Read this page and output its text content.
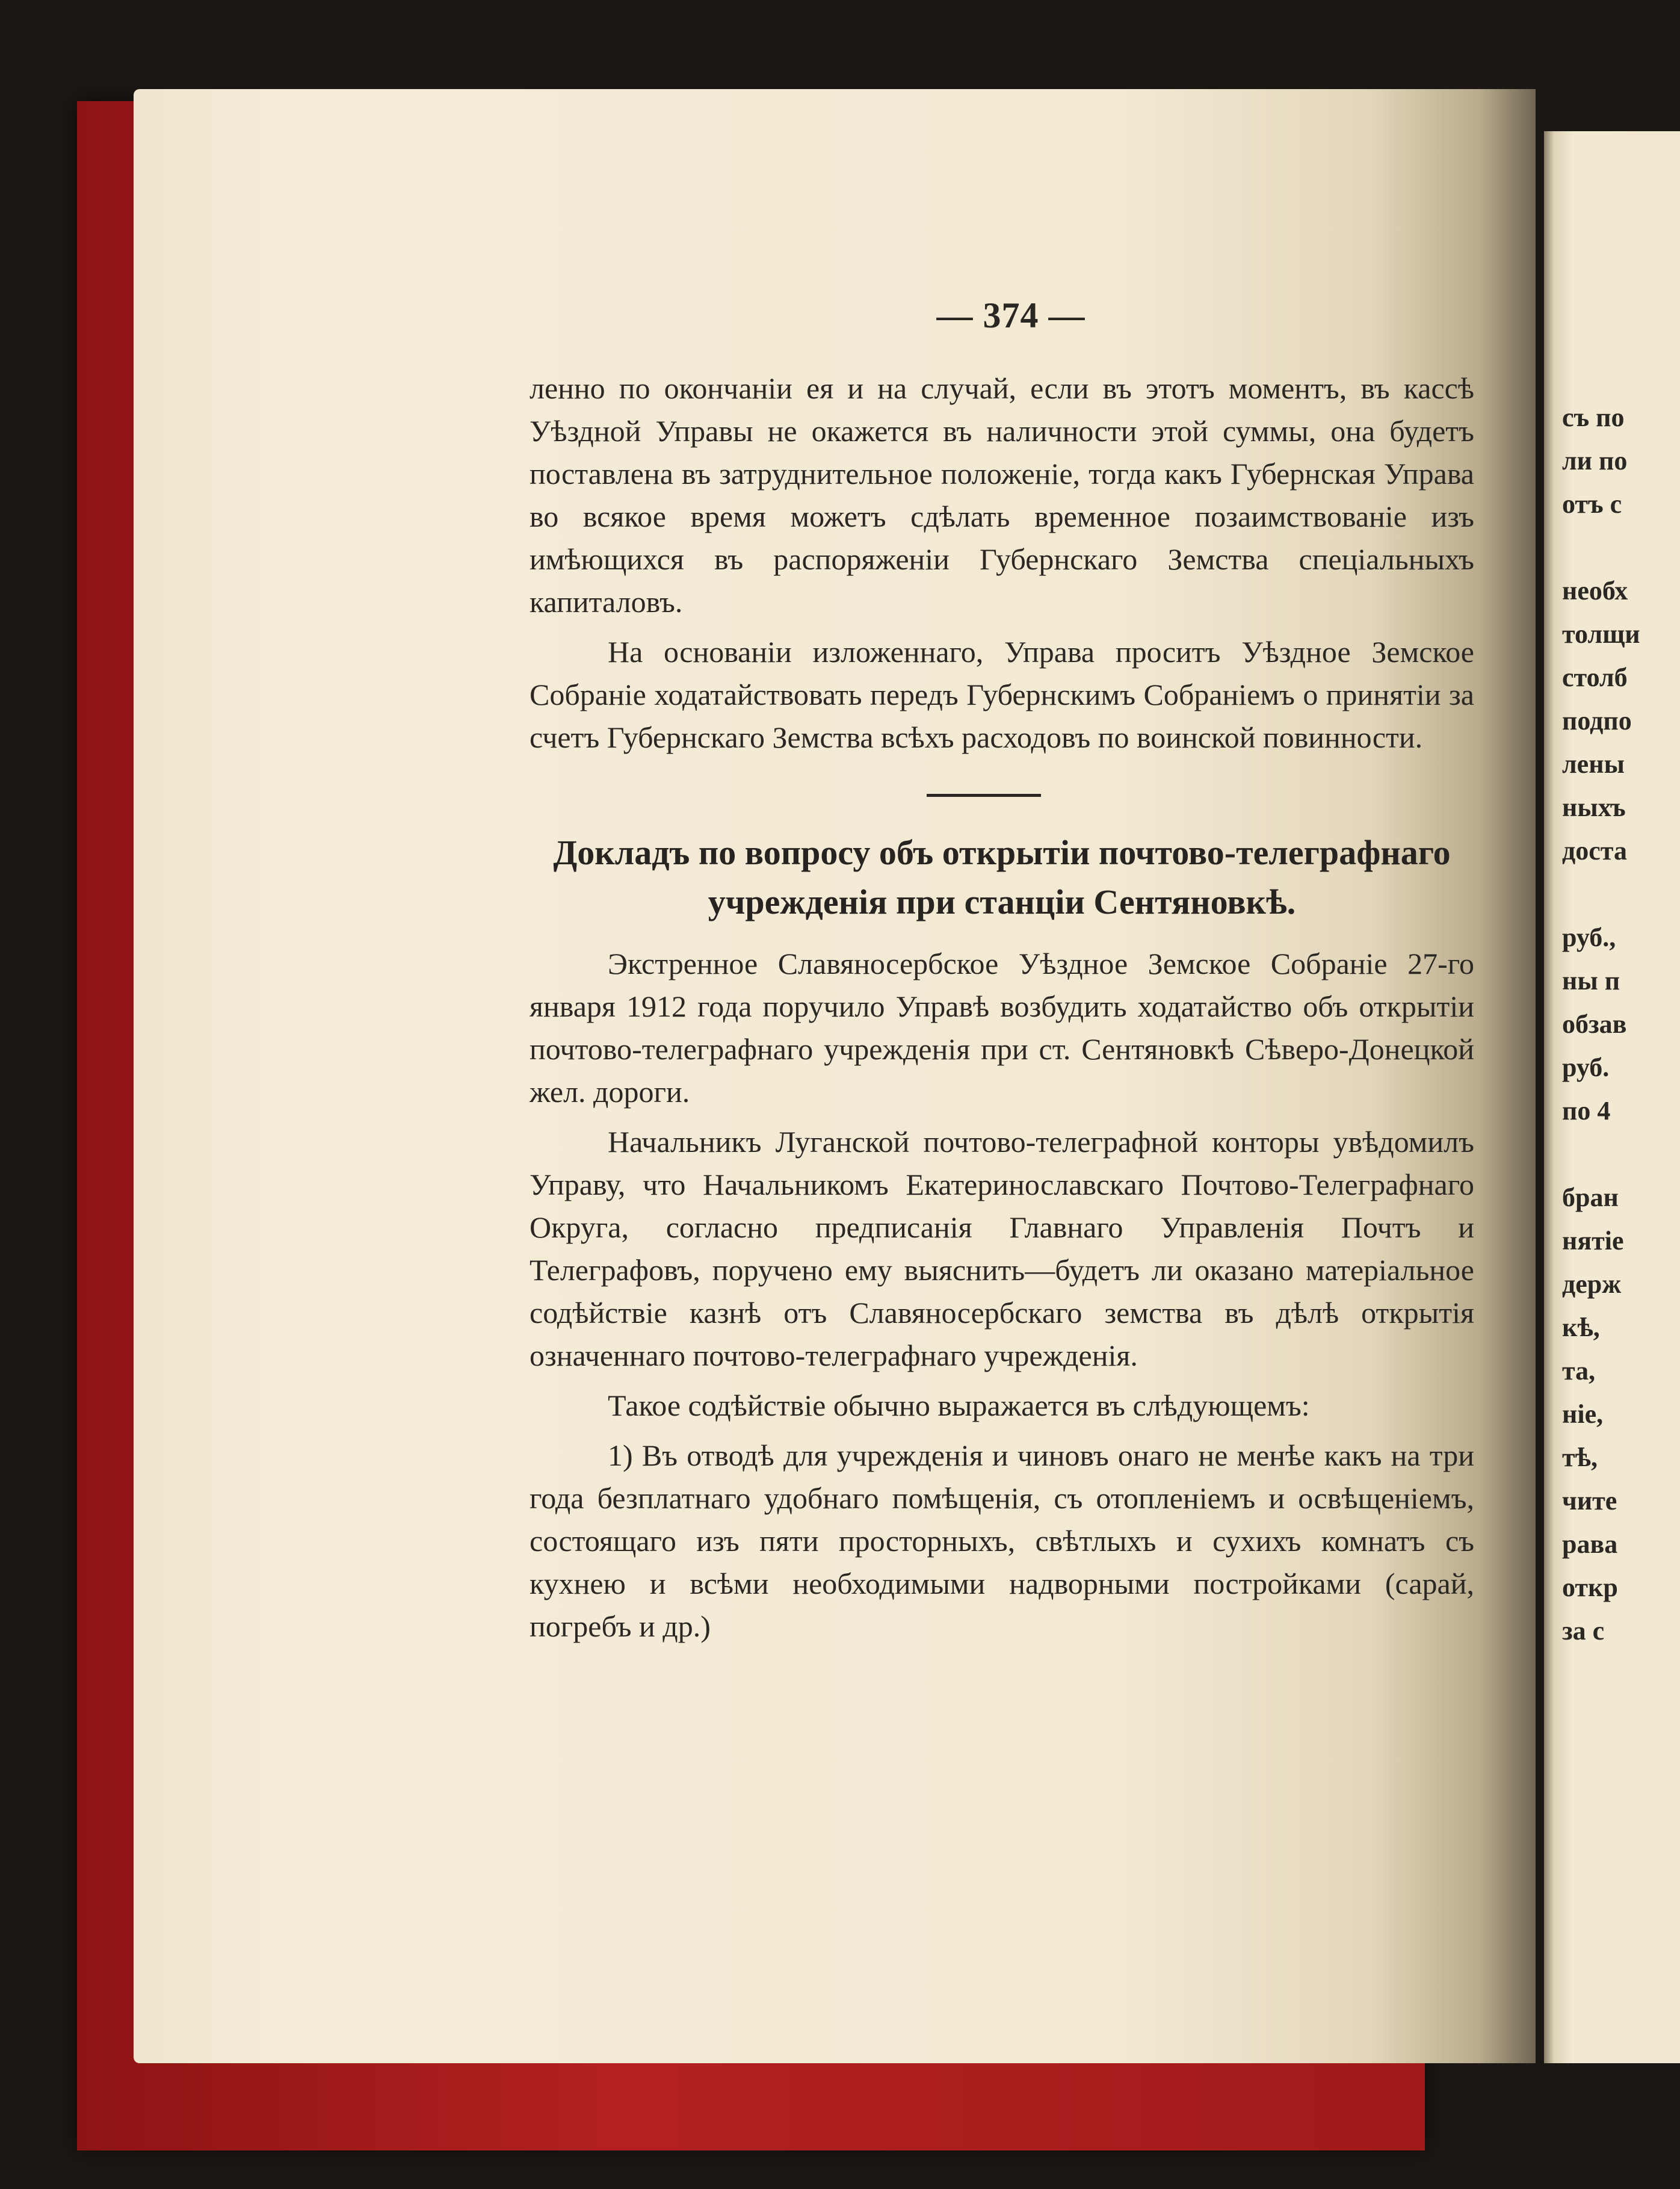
— 374 —

ленно по окончаніи ея и на случай, если въ этотъ моментъ, въ кассѣ Уѣздной Управы не окажется въ наличности этой суммы, она будетъ поставлена въ затруднительное положеніе, тогда какъ Губернская Управа во всякое время можетъ сдѣлать временное позаимствованіе изъ имѣющихся въ распоряженіи Губернскаго Земства спеціальныхъ капиталовъ.

На основаніи изложеннаго, Управа проситъ Уѣздное Земское Собраніе ходатайствовать передъ Губернскимъ Собраніемъ о принятіи за счетъ Губернскаго Земства всѣхъ расходовъ по воинской повинности.

Докладъ по вопросу объ открытіи почтово-телеграфнаго учрежденія при станціи Сентяновкѣ.

Экстренное Славяносербское Уѣздное Земское Собраніе 27-го января 1912 года поручило Управѣ возбудить ходатайство объ открытіи почтово-телеграфнаго учрежденія при ст. Сентяновкѣ Сѣверо-Донецкой жел. дороги.

Начальникъ Луганской почтово-телеграфной конторы увѣдомилъ Управу, что Начальникомъ Екатеринославскаго Почтово-Телеграфнаго Округа, согласно предписанія Главнаго Управленія Почтъ и Телеграфовъ, поручено ему выяснить—будетъ ли оказано матеріальное содѣйствіе казнѣ отъ Славяносербскаго земства въ дѣлѣ открытія означеннаго почтово-телеграфнаго учрежденія.

Такое содѣйствіе обычно выражается въ слѣдующемъ:

1) Въ отводѣ для учрежденія и чиновъ онаго не менѣе какъ на три года безплатнаго удобнаго помѣщенія, съ отопленіемъ и освѣщеніемъ, состоящаго изъ пяти просторныхъ, свѣтлыхъ и сухихъ комнатъ съ кухнею и всѣми необходимыми надворными постройками (сарай, погребъ и др.)

съ по
ли по
отъ с
необх
толщи
столб
подпо
лены
ныхъ
доста
руб.,
ны п
обзав
руб.
по 4
бран
нятіе
держ
кѣ,
та,
ніе,
тѣ,
чите
рава
откр
за с
